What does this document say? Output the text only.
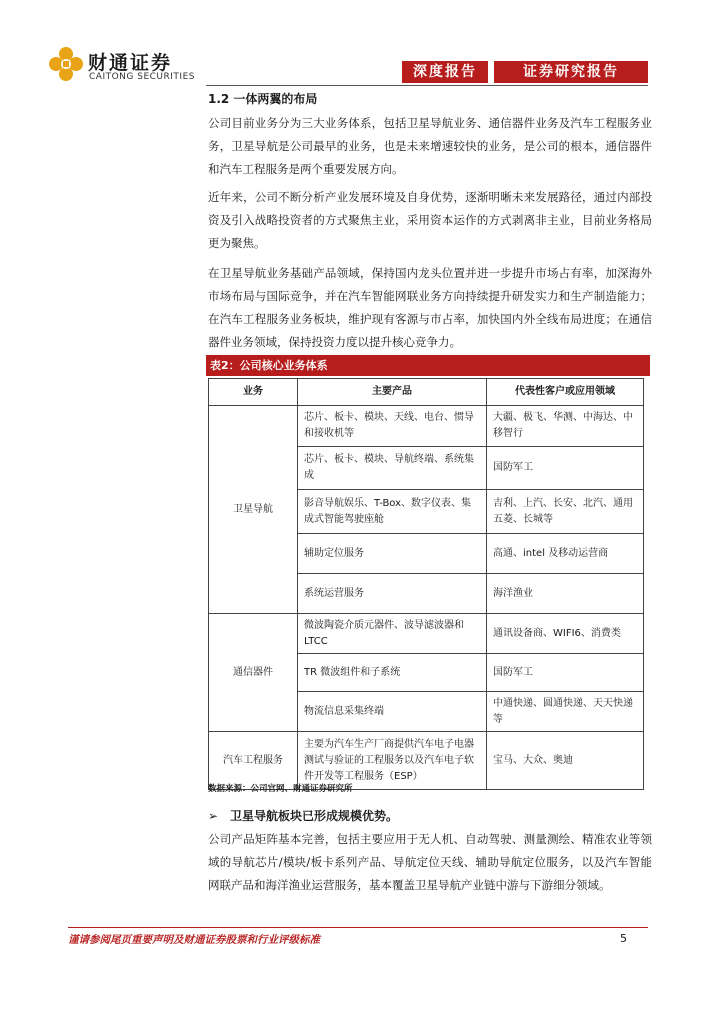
财通证券
CAITONG SECURITIES	深度报告	证券研究报告
1.2 一体两翼的布局

公司目前业务分为三大业务体系，包括卫星导航业务、通信器件业务及汽车工程服务业务，卫星导航是公司最早的业务，也是未来增速较快的业务，是公司的根本，通信器件和汽车工程服务是两个重要发展方向。

近年来，公司不断分析产业发展环境及自身优势，逐渐明晰未来发展路径，通过内部投资及引入战略投资者的方式聚焦主业，采用资本运作的方式剥离非主业，目前业务格局更为聚焦。

在卫星导航业务基础产品领域，保持国内龙头位置并进一步提升市场占有率，加深海外市场布局与国际竞争，并在汽车智能网联业务方向持续提升研发实力和生产制造能力；在汽车工程服务业务板块，维护现有客源与市占率，加快国内外全线布局进度；在通信器件业务领域，保持投资力度以提升核心竞争力。

表2：公司核心业务体系
业务	主要产品	代表性客户或应用领域
卫星导航	芯片、板卡、模块、天线、电台、惯导和接收机等	大疆、极飞、华测、中海达、中移智行
	芯片、板卡、模块、导航终端、系统集成	国防军工
	影音导航娱乐、T-Box、数字仪表、集成式智能驾驶座舱	吉利、上汽、长安、北汽、通用五菱、长城等
	辅助定位服务	高通、intel 及移动运营商
	系统运营服务	海洋渔业
通信器件	微波陶瓷介质元器件、波导滤波器和LTCC	通讯设备商、WIFI6、消费类
	TR 微波组件和子系统	国防军工
	物流信息采集终端	中通快递、圆通快递、天天快递等
汽车工程服务	主要为汽车生产厂商提供汽车电子电器测试与验证的工程服务以及汽车电子软件开发等工程服务（ESP）	宝马、大众、奥迪
数据来源：公司官网、财通证券研究所
➢ 卫星导航板块已形成规模优势。

公司产品矩阵基本完善，包括主要应用于无人机、自动驾驶、测量测绘、精准农业等领域的导航芯片/模块/板卡系列产品、导航定位天线、辅助导航定位服务，以及汽车智能网联产品和海洋渔业运营服务，基本覆盖卫星导航产业链中游与下游细分领域。

谨请参阅尾页重要声明及财通证券股票和行业评级标准	5
